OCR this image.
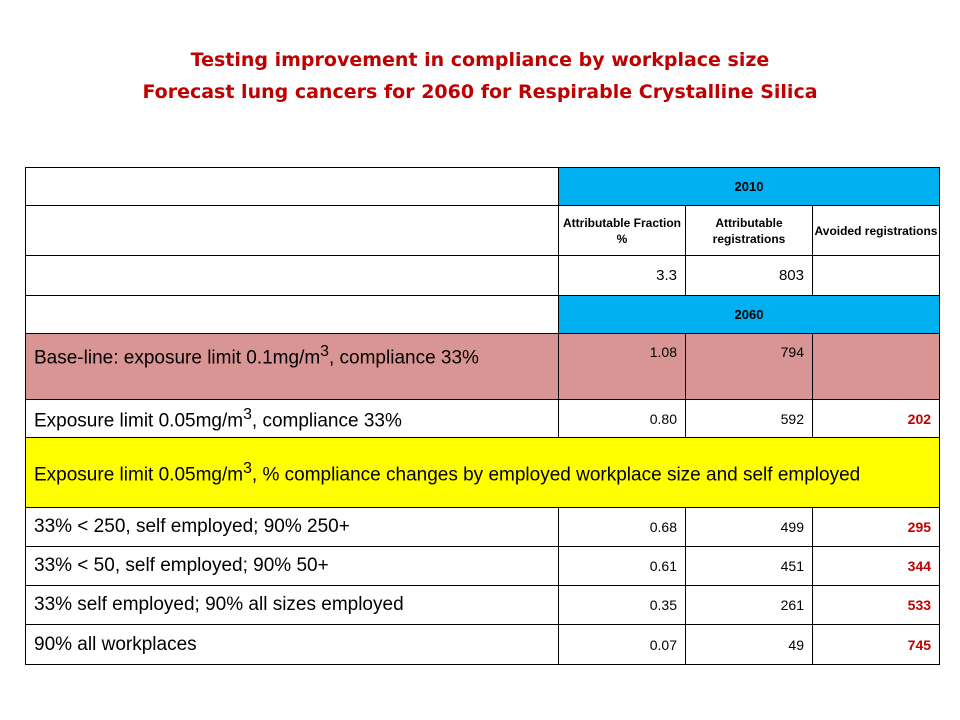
Testing improvement in compliance by workplace size
Forecast lung cancers for 2060 for Respirable Crystalline Silica
	2010		
	Attributable Fraction %	Attributable registrations	Avoided registrations
	3.3	803	
	2060		
Base-line: exposure limit $0.1mg/m^3$, compliance 33%	1.08	794	
Exposure limit $0.05mg/m^3$, compliance 33%	0.80	592	202
Exposure limit $0.05mg/m^3$, % compliance changes by employed workplace size and self employed			
33% < 250, self employed; 90% 250+	0.68	499	295
33% < 50, self employed; 90% 50+	0.61	451	344
33% self employed; 90% all sizes employed	0.35	261	533
90% all workplaces	0.07	49	745
